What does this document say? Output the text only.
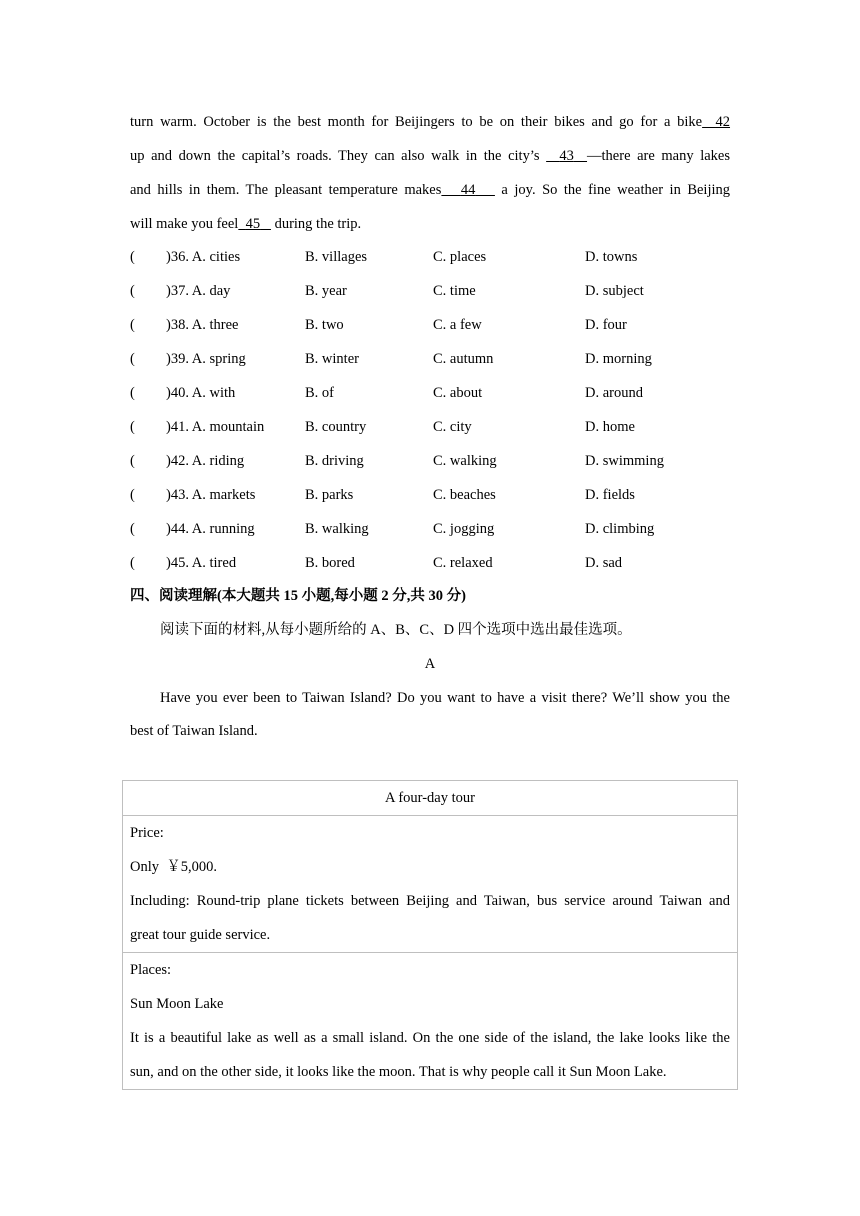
turn warm. October is the best month for Beijingers to be on their bikes and go for a bike 42
up and down the capital’s roads. They can also walk in the city’s   43 —there are many lakes
and hills in them. The pleasant temperature makes 44    a joy. So the fine weather in Beijing
will make you feel 45    during the trip.
( )36. A. cities	B. villages	C. places	D. towns
( )37. A. day	B. year	C. time	D. subject
( )38. A. three	B. two	C. a few	D. four
( )39. A. spring	B. winter	C. autumn	D. morning
( )40. A. with	B. of	C. about	D. around
( )41. A. mountain	B. country	C. city	D. home
( )42. A. riding	B. driving	C. walking	D. swimming
( )43. A. markets	B. parks	C. beaches	D. fields
( )44. A. running	B. walking	C. jogging	D. climbing
( )45. A. tired	B. bored	C. relaxed	D. sad
四、阅读理解(本大题共 15 小题,每小题 2 分,共 30 分)
阅读下面的材料,从每小题所给的 A、B、C、D 四个选项中选出最佳选项。
A
Have you ever been to Taiwan Island? Do you want to have a visit there? We’ll show you the
best of Taiwan Island.
A four-day tour

Price:
Only  ￥5,000.
Including: Round-trip plane tickets between Beijing and Taiwan, bus service around Taiwan and
great tour guide service.

Places:
Sun Moon Lake
It is a beautiful lake as well as a small island. On the one side of the island, the lake looks like the
sun, and on the other side, it looks like the moon. That is why people call it Sun Moon Lake.
